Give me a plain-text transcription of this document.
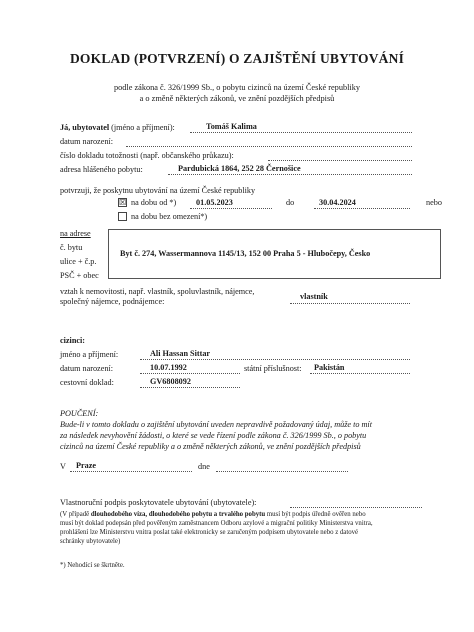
DOKLAD (POTVRZENÍ) O ZAJIŠTĚNÍ UBYTOVÁNÍ
podle zákona č. 326/1999 Sb., o pobytu cizinců na území České republiky
a o změně některých zákonů, ve znění pozdějších předpisů
Já, ubytovatel (jméno a příjmení):	Tomáš Kalima
datum narození:
číslo dokladu totožnosti (např. občanského průkazu):
adresa hlášeného pobytu:	Pardubická 1864, 252 28 Černošice
potvrzuji, že poskytnu ubytování na území České republiky
☒ na dobu od *) 01.05.2023	do	30.04.2024	nebo
na dobu bez omezení*)
na adrese
č. bytu
ulice + č.p.
PSČ + obec
Byt č. 274, Wassermannova 1145/13, 152 00 Praha 5 - Hlubočepy, Česko
vztah k nemovitosti, např. vlastník, spoluvlastník, nájemce,
společný nájemce, podnájemce:
vlastník
cizinci:
jméno a příjmení:	Ali Hassan Sittar
datum narození:	10.07.1992	státní příslušnost: Pakistán
cestovní doklad:	GV6808092
POUČENÍ:
Bude-li v tomto dokladu o zajištění ubytování uveden nepravdivě požadovaný údaj, může to mít
za následek nevyhovění žádosti, o které se vede řízení podle zákona č. 326/1999 Sb., o pobytu
cizinců na území České republiky a o změně některých zákonů, ve znění pozdějších předpisů
V Praze	dne
Vlastnoruční podpis poskytovatele ubytování (ubytovatele):
(V případě dlouhodobého víza, dlouhodobého pobytu a trvalého pobytu musí být podpis úředně ověřen nebo
musí být doklad podepsán před pověřeným zaměstnancem Odboru azylové a migrační politiky Ministerstva vnitra,
prohlášení lze Ministerstvu vnitra poslat také elektronicky se zaručeným podpisem ubytovatele nebo z datové
schránky ubytovatele)
*) Nehodící se škrtněte.
